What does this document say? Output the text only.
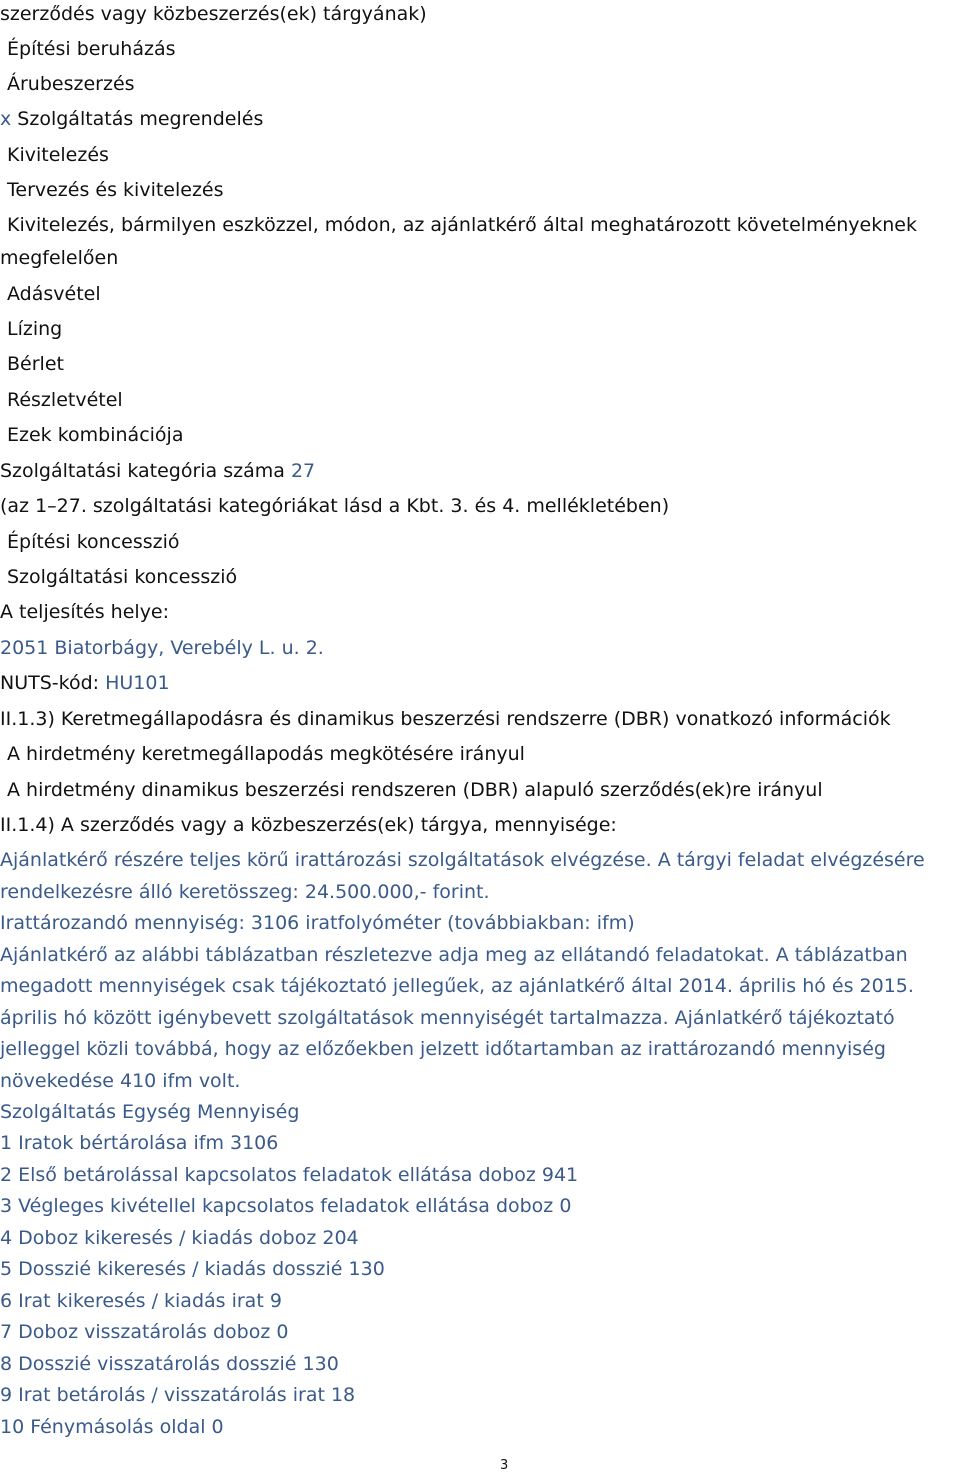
szerződés vagy közbeszerzés(ek) tárgyának)
Építési beruházás
Árubeszerzés
x Szolgáltatás megrendelés
Kivitelezés
Tervezés és kivitelezés
Kivitelezés, bármilyen eszközzel, módon, az ajánlatkérő által meghatározott követelményeknek
megfelelően
Adásvétel
Lízing
Bérlet
Részletvétel
Ezek kombinációja
Szolgáltatási kategória száma 27
(az 1–27. szolgáltatási kategóriákat lásd a Kbt. 3. és 4. mellékletében)
Építési koncesszió
Szolgáltatási koncesszió
A teljesítés helye:
2051 Biatorbágy, Verebély L. u. 2.
NUTS-kód: HU101
II.1.3) Keretmegállapodásra és dinamikus beszerzési rendszerre (DBR) vonatkozó információk
A hirdetmény keretmegállapodás megkötésére irányul
A hirdetmény dinamikus beszerzési rendszeren (DBR) alapuló szerződés(ek)re irányul
II.1.4) A szerződés vagy a közbeszerzés(ek) tárgya, mennyisége:
Ajánlatkérő részére teljes körű irattározási szolgáltatások elvégzése. A tárgyi feladat elvégzésére
rendelkezésre álló keretösszeg: 24.500.000,- forint.
Irattározandó mennyiség: 3106 iratfolyóméter (továbbiakban: ifm)
Ajánlatkérő az alábbi táblázatban részletezve adja meg az ellátandó feladatokat. A táblázatban
megadott mennyiségek csak tájékoztató jellegűek, az ajánlatkérő által 2014. április hó és 2015.
április hó között igénybevett szolgáltatások mennyiségét tartalmazza. Ajánlatkérő tájékoztató
jelleggel közli továbbá, hogy az előzőekben jelzett időtartamban az irattározandó mennyiség
növekedése 410 ifm volt.
Szolgáltatás Egység Mennyiség
1 Iratok bértárolása ifm 3106
2 Első betárolással kapcsolatos feladatok ellátása doboz 941
3 Végleges kivétellel kapcsolatos feladatok ellátása doboz 0
4 Doboz kikeresés / kiadás doboz 204
5 Dosszié kikeresés / kiadás dosszié 130
6 Irat kikeresés / kiadás irat 9
7 Doboz visszatárolás doboz 0
8 Dosszié visszatárolás dosszié 130
9 Irat betárolás / visszatárolás irat 18
10 Fénymásolás oldal 0
3
